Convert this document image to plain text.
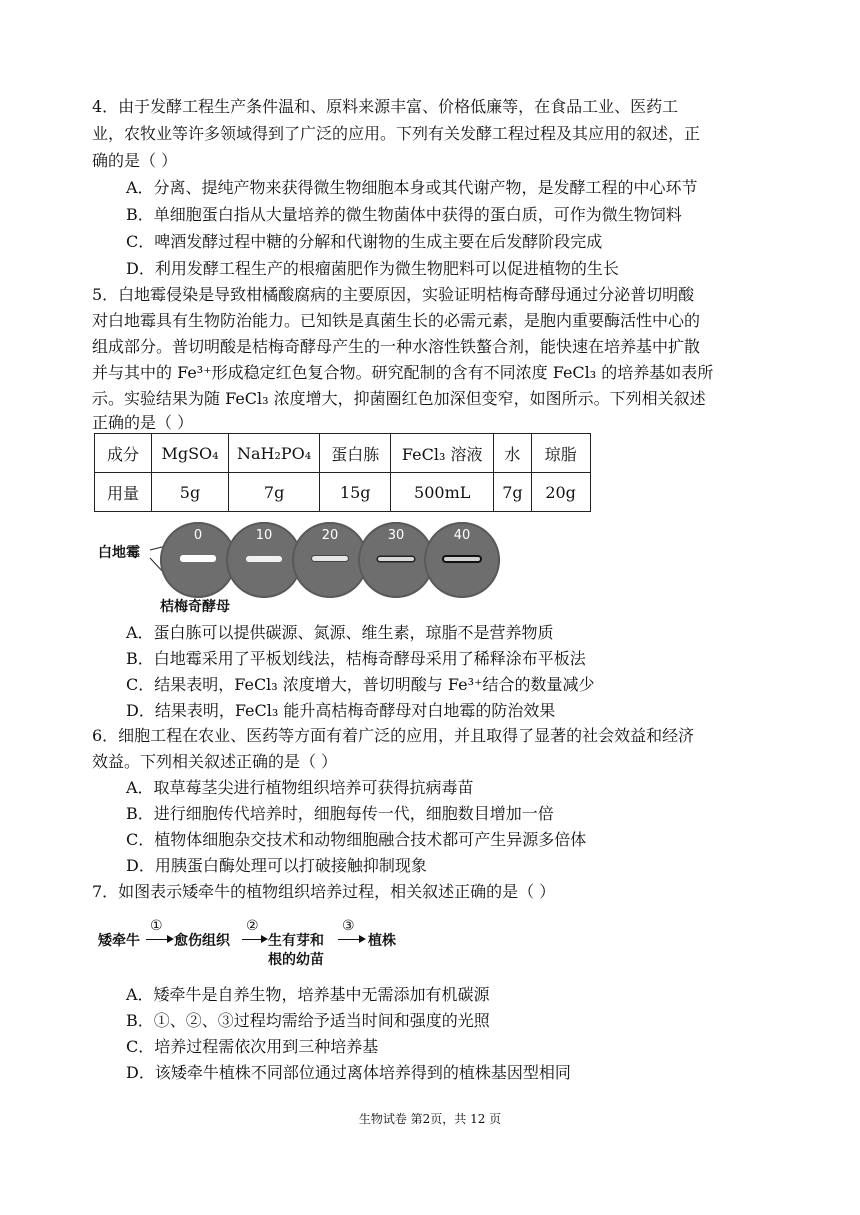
4．由于发酵工程生产条件温和、原料来源丰富、价格低廉等，在食品工业、医药工
业，农牧业等许多领域得到了广泛的应用。下列有关发酵工程过程及其应用的叙述，正
确的是（ ）
A．分离、提纯产物来获得微生物细胞本身或其代谢产物，是发酵工程的中心环节
B．单细胞蛋白指从大量培养的微生物菌体中获得的蛋白质，可作为微生物饲料
C．啤酒发酵过程中糖的分解和代谢物的生成主要在后发酵阶段完成
D．利用发酵工程生产的根瘤菌肥作为微生物肥料可以促进植物的生长
5．白地霉侵染是导致柑橘酸腐病的主要原因，实验证明桔梅奇酵母通过分泌普切明酸
对白地霉具有生物防治能力。已知铁是真菌生长的必需元素，是胞内重要酶活性中心的
组成部分。普切明酸是桔梅奇酵母产生的一种水溶性铁螯合剂，能快速在培养基中扩散
并与其中的 Fe³⁺形成稳定红色复合物。研究配制的含有不同浓度 FeCl₃ 的培养基如表所
示。实验结果为随 FeCl₃ 浓度增大，抑菌圈红色加深但变窄，如图所示。下列相关叙述
正确的是（ ）
成分	MgSO₄	NaH₂PO₄	蛋白胨	FeCl₃ 溶液	水	琼脂
用量	5g	7g	15g	500mL	7g	20g
白地霉
桔梅奇酵母
0	10	20	30	40
A．蛋白胨可以提供碳源、氮源、维生素，琼脂不是营养物质
B．白地霉采用了平板划线法，桔梅奇酵母采用了稀释涂布平板法
C．结果表明，FeCl₃ 浓度增大，普切明酸与 Fe³⁺结合的数量减少
D．结果表明，FeCl₃ 能升高桔梅奇酵母对白地霉的防治效果
6．细胞工程在农业、医药等方面有着广泛的应用，并且取得了显著的社会效益和经济
效益。下列相关叙述正确的是（ ）
A．取草莓茎尖进行植物组织培养可获得抗病毒苗
B．进行细胞传代培养时，细胞每传一代，细胞数目增加一倍
C．植物体细胞杂交技术和动物细胞融合技术都可产生异源多倍体
D．用胰蛋白酶处理可以打破接触抑制现象
7．如图表示矮牵牛的植物组织培养过程，相关叙述正确的是（ ）
矮牵牛
①
愈伤组织
②
生有芽和
根的幼苗
③
植株
A．矮牵牛是自养生物，培养基中无需添加有机碳源
B．①、②、③过程均需给予适当时间和强度的光照
C．培养过程需依次用到三种培养基
D．该矮牵牛植株不同部位通过离体培养得到的植株基因型相同
生物试卷 第2页，共 12 页
